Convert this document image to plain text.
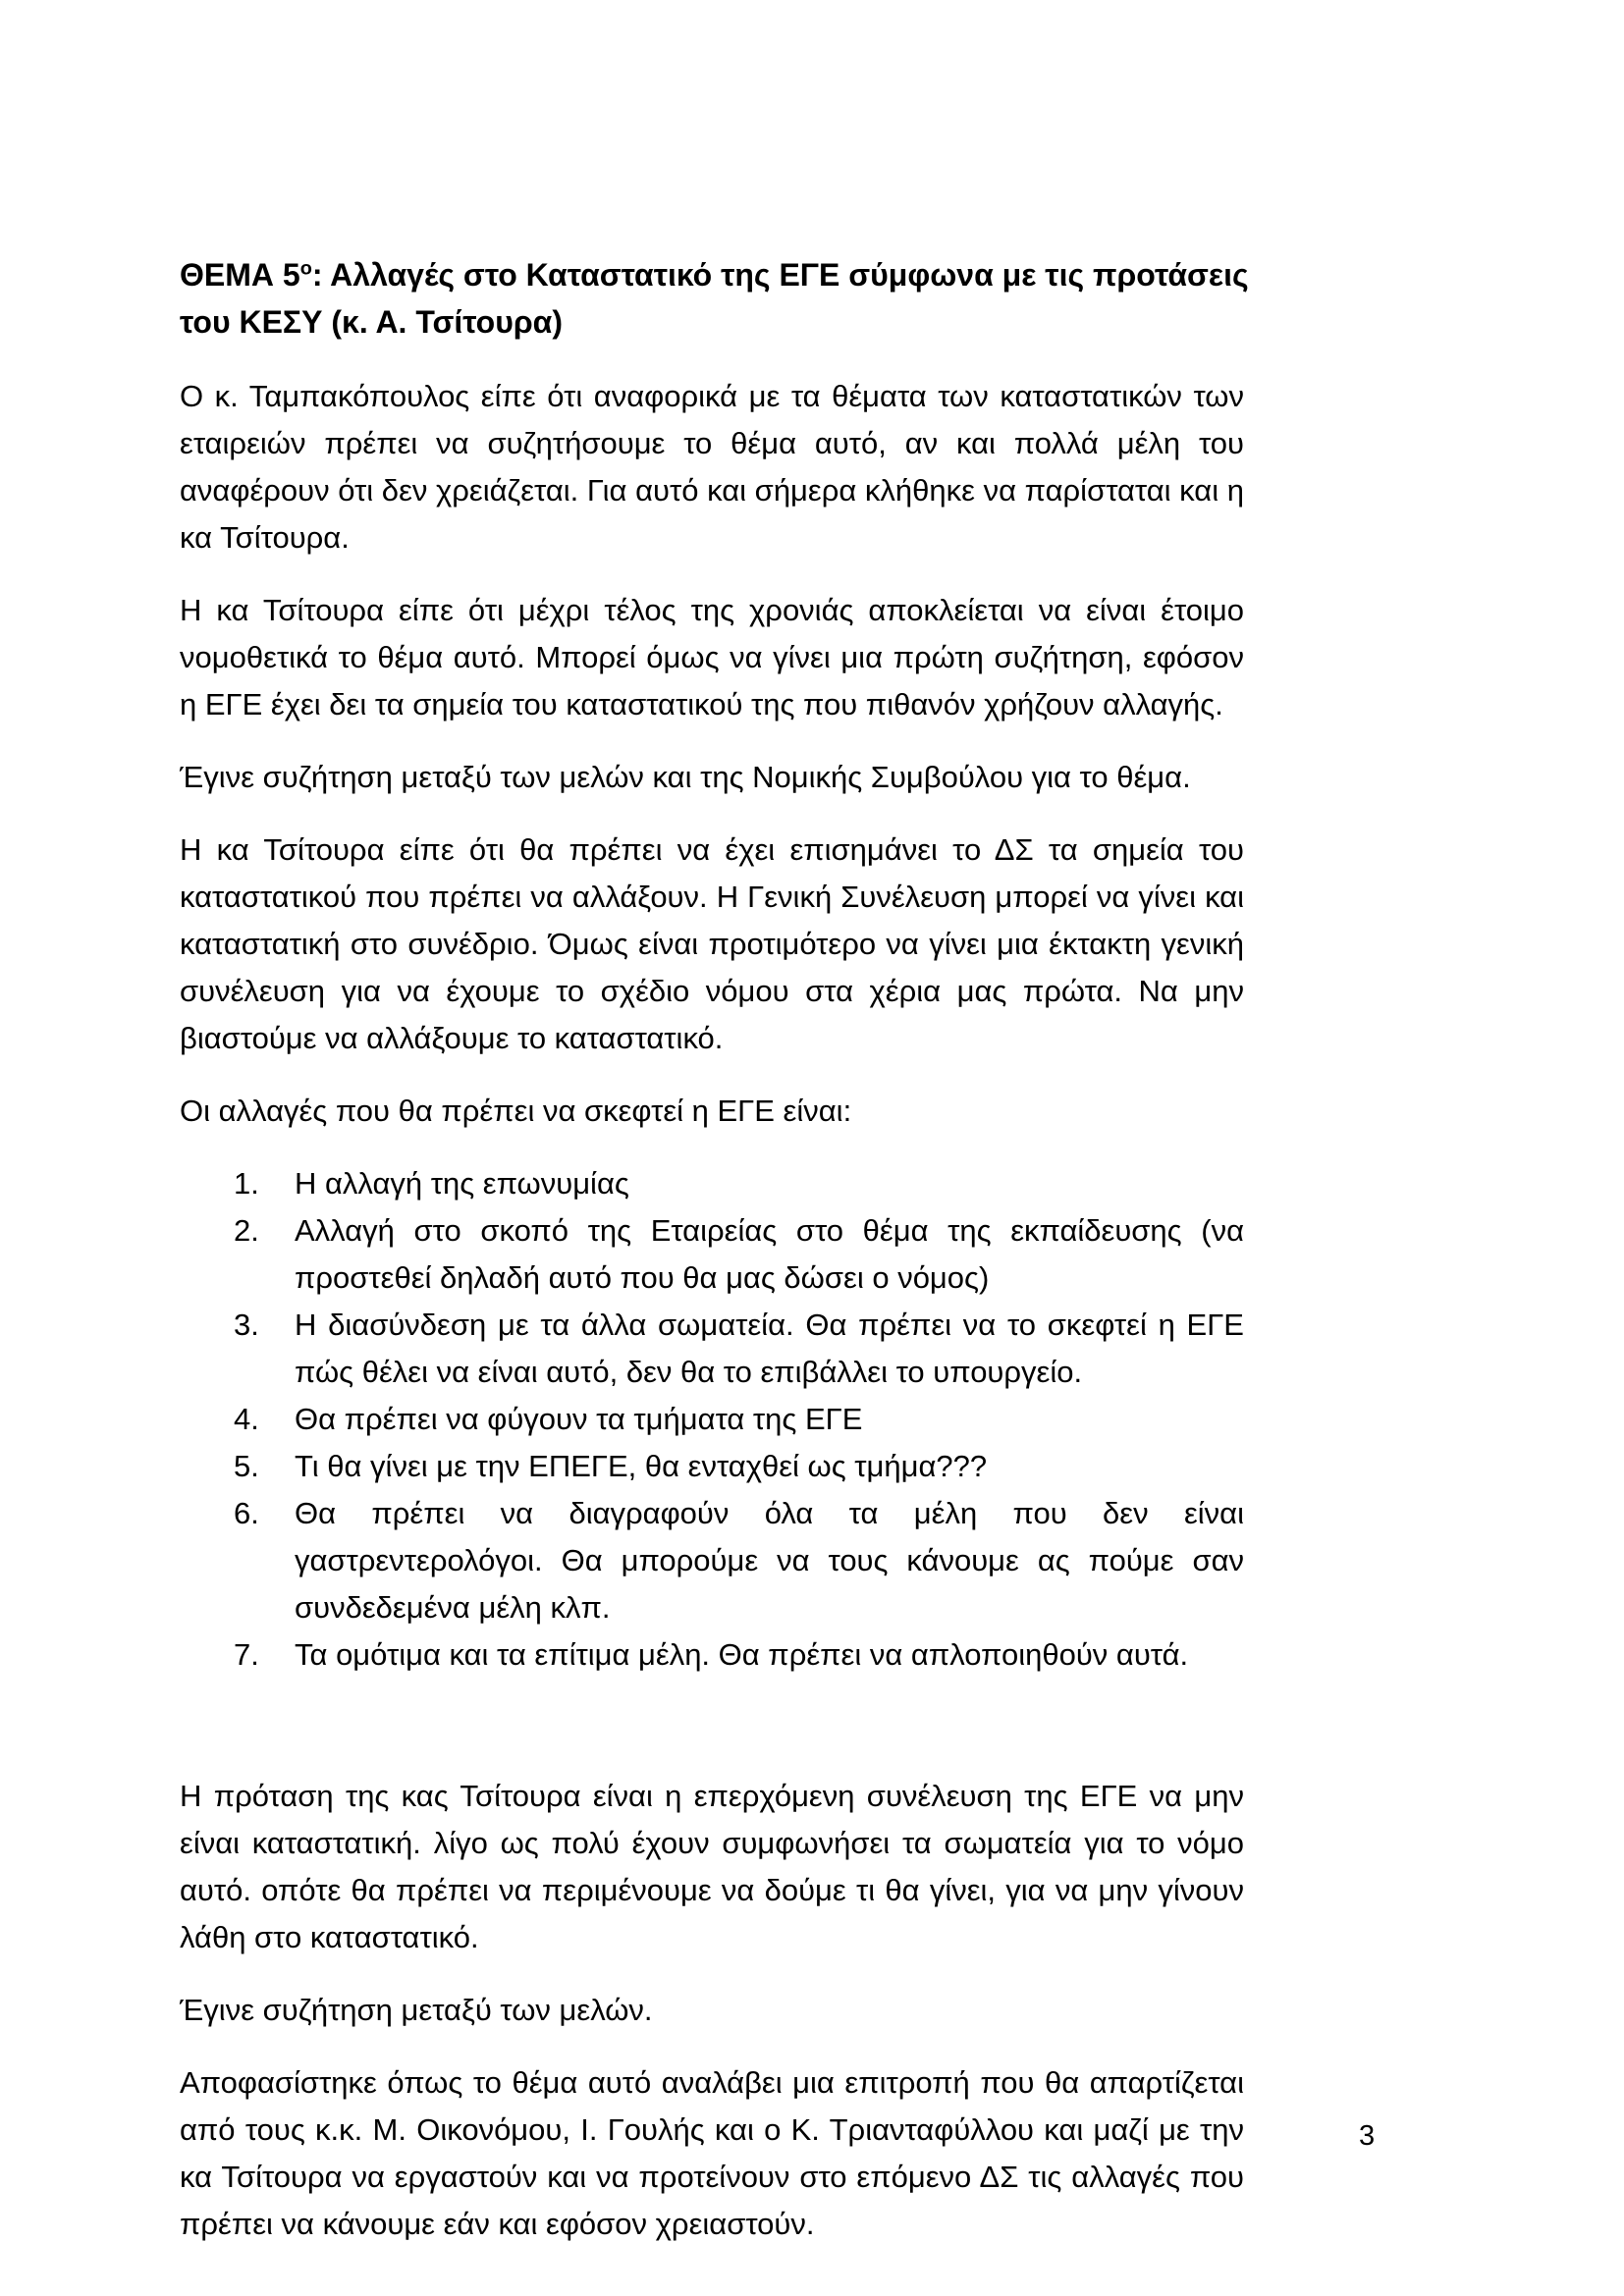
ΘΕΜΑ $5^o$: Αλλαγές στο Καταστατικό της ΕΓΕ σύμφωνα με τις προτάσεις
του ΚΕΣΥ (κ. Α. Τσίτουρα)

Ο κ. Ταμπακόπουλος είπε ότι αναφορικά με τα θέματα των καταστατικών των εταιρειών πρέπει να συζητήσουμε το θέμα αυτό, αν και πολλά μέλη του αναφέρουν ότι δεν χρειάζεται. Για αυτό και σήμερα κλήθηκε να παρίσταται και η κα Τσίτουρα.

Η κα Τσίτουρα είπε ότι μέχρι τέλος της χρονιάς αποκλείεται να είναι έτοιμο νομοθετικά το θέμα αυτό. Μπορεί όμως να γίνει μια πρώτη συζήτηση, εφόσον η ΕΓΕ έχει δει τα σημεία του καταστατικού της που πιθανόν χρήζουν αλλαγής.

Έγινε συζήτηση μεταξύ των μελών και της Νομικής Συμβούλου για το θέμα.

Η κα Τσίτουρα είπε ότι θα πρέπει να έχει επισημάνει το ΔΣ τα σημεία του καταστατικού που πρέπει να αλλάξουν. Η Γενική Συνέλευση μπορεί να γίνει και καταστατική στο συνέδριο. Όμως είναι προτιμότερο να γίνει μια έκτακτη γενική συνέλευση για να έχουμε το σχέδιο νόμου στα χέρια μας πρώτα. Να μην βιαστούμε να αλλάξουμε το καταστατικό.

Οι αλλαγές που θα πρέπει να σκεφτεί η ΕΓΕ είναι:

1.	Η αλλαγή της επωνυμίας
2.	Αλλαγή στο σκοπό της Εταιρείας στο θέμα της εκπαίδευσης (να προστεθεί δηλαδή αυτό που θα μας δώσει ο νόμος)
3.	Η διασύνδεση με τα άλλα σωματεία. Θα πρέπει να το σκεφτεί η ΕΓΕ πώς θέλει να είναι αυτό, δεν θα το επιβάλλει το υπουργείο.
4.	Θα πρέπει να φύγουν τα τμήματα της ΕΓΕ
5.	Τι θα γίνει με την ΕΠΕΓΕ, θα ενταχθεί ως τμήμα???
6.	Θα πρέπει να διαγραφούν όλα τα μέλη που δεν είναι γαστρεντερολόγοι. Θα μπορούμε να τους κάνουμε ας πούμε σαν συνδεδεμένα μέλη κλπ.
7.	Τα ομότιμα και τα επίτιμα μέλη. Θα πρέπει να απλοποιηθούν αυτά.

Η πρόταση της κας Τσίτουρα είναι η επερχόμενη συνέλευση της ΕΓΕ να μην είναι καταστατική. λίγο ως πολύ έχουν συμφωνήσει τα σωματεία για το νόμο αυτό. οπότε θα πρέπει να περιμένουμε να δούμε τι θα γίνει, για να μην γίνουν λάθη στο καταστατικό.

Έγινε συζήτηση μεταξύ των μελών.

Αποφασίστηκε όπως το θέμα αυτό αναλάβει μια επιτροπή που θα απαρτίζεται από τους κ.κ. Μ. Οικονόμου, Ι. Γουλής και ο Κ. Τριανταφύλλου και μαζί με την κα Τσίτουρα να εργαστούν και να προτείνουν στο επόμενο ΔΣ τις αλλαγές που πρέπει να κάνουμε εάν και εφόσον χρειαστούν.

3
